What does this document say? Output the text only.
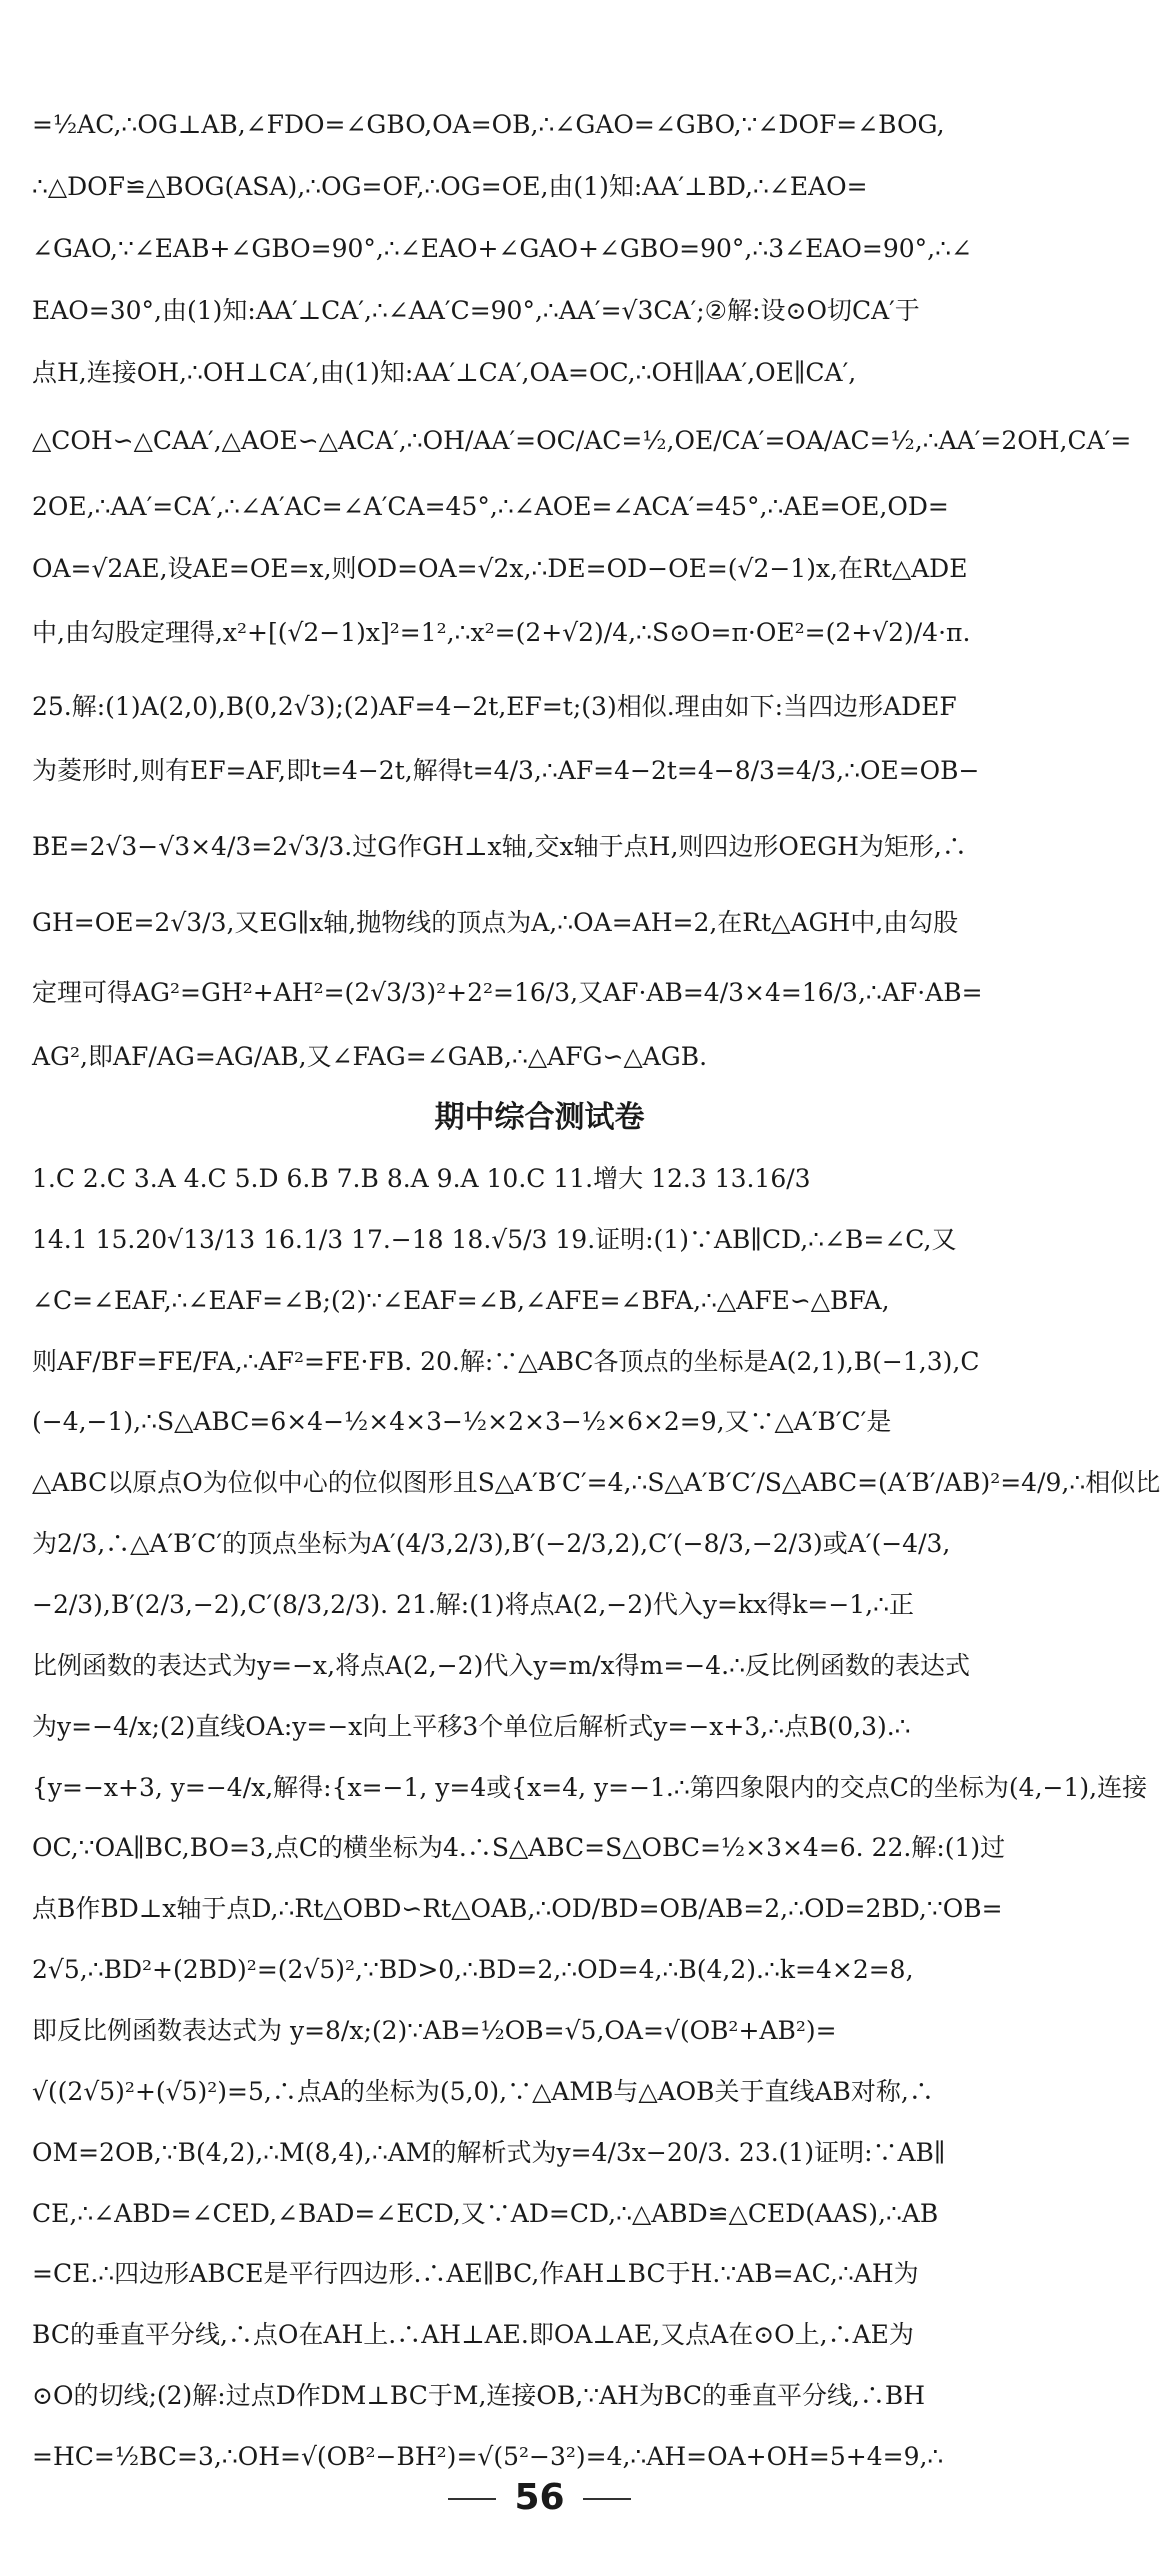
=½AC,∴OG⊥AB,∠FDO=∠GBO,OA=OB,∴∠GAO=∠GBO,∵∠DOF=∠BOG,
∴△DOF≌△BOG(ASA),∴OG=OF,∴OG=OE,由(1)知:AA′⊥BD,∴∠EAO=
∠GAO,∵∠EAB+∠GBO=90°,∴∠EAO+∠GAO+∠GBO=90°,∴3∠EAO=90°,∴∠
EAO=30°,由(1)知:AA′⊥CA′,∴∠AA′C=90°,∴AA′=√3CA′;②解:设⊙O切CA′于
点H,连接OH,∴OH⊥CA′,由(1)知:AA′⊥CA′,OA=OC,∴OH∥AA′,OE∥CA′,
△COH∽△CAA′,△AOE∽△ACA′,∴OH/AA′=OC/AC=½,OE/CA′=OA/AC=½,∴AA′=2OH,CA′=
2OE,∴AA′=CA′,∴∠A′AC=∠A′CA=45°,∴∠AOE=∠ACA′=45°,∴AE=OE,OD=
OA=√2AE,设AE=OE=x,则OD=OA=√2x,∴DE=OD−OE=(√2−1)x,在Rt△ADE
中,由勾股定理得,x²+[(√2−1)x]²=1²,∴x²=(2+√2)/4,∴S⊙O=π·OE²=(2+√2)/4·π.
25.解:(1)A(2,0),B(0,2√3);(2)AF=4−2t,EF=t;(3)相似.理由如下:当四边形ADEF
为菱形时,则有EF=AF,即t=4−2t,解得t=4/3,∴AF=4−2t=4−8/3=4/3,∴OE=OB−
BE=2√3−√3×4/3=2√3/3.过G作GH⊥x轴,交x轴于点H,则四边形OEGH为矩形,∴
GH=OE=2√3/3,又EG∥x轴,抛物线的顶点为A,∴OA=AH=2,在Rt△AGH中,由勾股
定理可得AG²=GH²+AH²=(2√3/3)²+2²=16/3,又AF·AB=4/3×4=16/3,∴AF·AB=
AG²,即AF/AG=AG/AB,又∠FAG=∠GAB,∴△AFG∽△AGB.
期中综合测试卷
1.C 2.C 3.A 4.C 5.D 6.B 7.B 8.A 9.A 10.C 11.增大 12.3 13.16/3
14.1 15.20√13/13 16.1/3 17.−18 18.√5/3 19.证明:(1)∵AB∥CD,∴∠B=∠C,又
∠C=∠EAF,∴∠EAF=∠B;(2)∵∠EAF=∠B,∠AFE=∠BFA,∴△AFE∽△BFA,
则AF/BF=FE/FA,∴AF²=FE·FB. 20.解:∵△ABC各顶点的坐标是A(2,1),B(−1,3),C
(−4,−1),∴S△ABC=6×4−½×4×3−½×2×3−½×6×2=9,又∵△A′B′C′是
△ABC以原点O为位似中心的位似图形且S△A′B′C′=4,∴S△A′B′C′/S△ABC=(A′B′/AB)²=4/9,∴相似比
为2/3,∴△A′B′C′的顶点坐标为A′(4/3,2/3),B′(−2/3,2),C′(−8/3,−2/3)或A′(−4/3,
−2/3),B′(2/3,−2),C′(8/3,2/3). 21.解:(1)将点A(2,−2)代入y=kx得k=−1,∴正
比例函数的表达式为y=−x,将点A(2,−2)代入y=m/x得m=−4.∴反比例函数的表达式
为y=−4/x;(2)直线OA:y=−x向上平移3个单位后解析式y=−x+3,∴点B(0,3).∴
{y=−x+3, y=−4/x,解得:{x=−1, y=4或{x=4, y=−1.∴第四象限内的交点C的坐标为(4,−1),连接
OC,∵OA∥BC,BO=3,点C的横坐标为4.∴S△ABC=S△OBC=½×3×4=6. 22.解:(1)过
点B作BD⊥x轴于点D,∴Rt△OBD∽Rt△OAB,∴OD/BD=OB/AB=2,∴OD=2BD,∵OB=
2√5,∴BD²+(2BD)²=(2√5)²,∵BD>0,∴BD=2,∴OD=4,∴B(4,2).∴k=4×2=8,
即反比例函数表达式为 y=8/x;(2)∵AB=½OB=√5,OA=√(OB²+AB²)=
√((2√5)²+(√5)²)=5,∴点A的坐标为(5,0),∵△AMB与△AOB关于直线AB对称,∴
OM=2OB,∵B(4,2),∴M(8,4),∴AM的解析式为y=4/3x−20/3. 23.(1)证明:∵AB∥
CE,∴∠ABD=∠CED,∠BAD=∠ECD,又∵AD=CD,∴△ABD≌△CED(AAS),∴AB
=CE.∴四边形ABCE是平行四边形.∴AE∥BC,作AH⊥BC于H.∵AB=AC,∴AH为
BC的垂直平分线,∴点O在AH上.∴AH⊥AE.即OA⊥AE,又点A在⊙O上,∴AE为
⊙O的切线;(2)解:过点D作DM⊥BC于M,连接OB,∵AH为BC的垂直平分线,∴BH
=HC=½BC=3,∴OH=√(OB²−BH²)=√(5²−3²)=4,∴AH=OA+OH=5+4=9,∴
56
